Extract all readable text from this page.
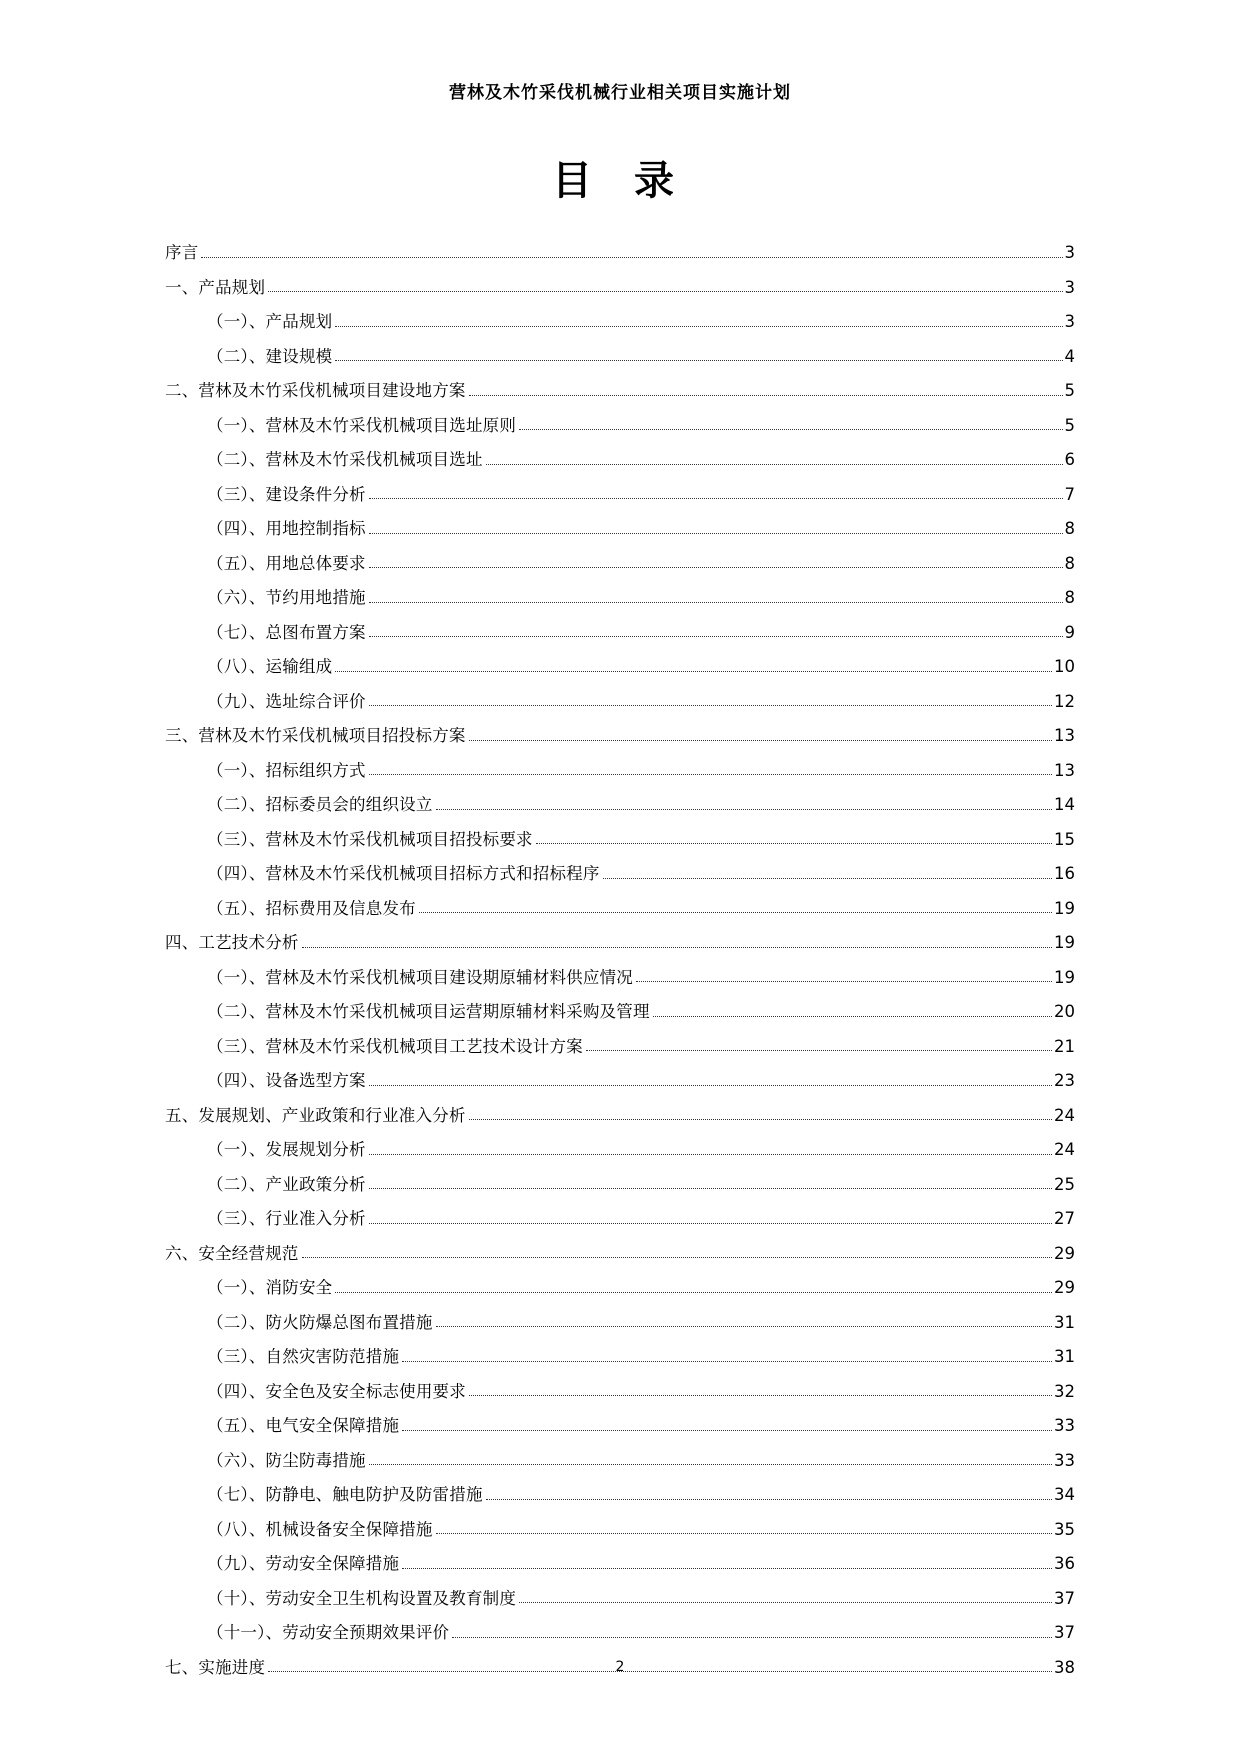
营林及木竹采伐机械行业相关项目实施计划
目 录
序言	3
一、产品规划	3
（一）、产品规划	3
（二）、建设规模	4
二、营林及木竹采伐机械项目建设地方案	5
（一）、营林及木竹采伐机械项目选址原则	5
（二）、营林及木竹采伐机械项目选址	6
（三）、建设条件分析	7
（四）、用地控制指标	8
（五）、用地总体要求	8
（六）、节约用地措施	8
（七）、总图布置方案	9
（八）、运输组成	10
（九）、选址综合评价	12
三、营林及木竹采伐机械项目招投标方案	13
（一）、招标组织方式	13
（二）、招标委员会的组织设立	14
（三）、营林及木竹采伐机械项目招投标要求	15
（四）、营林及木竹采伐机械项目招标方式和招标程序	16
（五）、招标费用及信息发布	19
四、工艺技术分析	19
（一）、营林及木竹采伐机械项目建设期原辅材料供应情况	19
（二）、营林及木竹采伐机械项目运营期原辅材料采购及管理	20
（三）、营林及木竹采伐机械项目工艺技术设计方案	21
（四）、设备选型方案	23
五、发展规划、产业政策和行业准入分析	24
（一）、发展规划分析	24
（二）、产业政策分析	25
（三）、行业准入分析	27
六、安全经营规范	29
（一）、消防安全	29
（二）、防火防爆总图布置措施	31
（三）、自然灾害防范措施	31
（四）、安全色及安全标志使用要求	32
（五）、电气安全保障措施	33
（六）、防尘防毒措施	33
（七）、防静电、触电防护及防雷措施	34
（八）、机械设备安全保障措施	35
（九）、劳动安全保障措施	36
（十）、劳动安全卫生机构设置及教育制度	37
（十一）、劳动安全预期效果评价	37
七、实施进度	38
2
